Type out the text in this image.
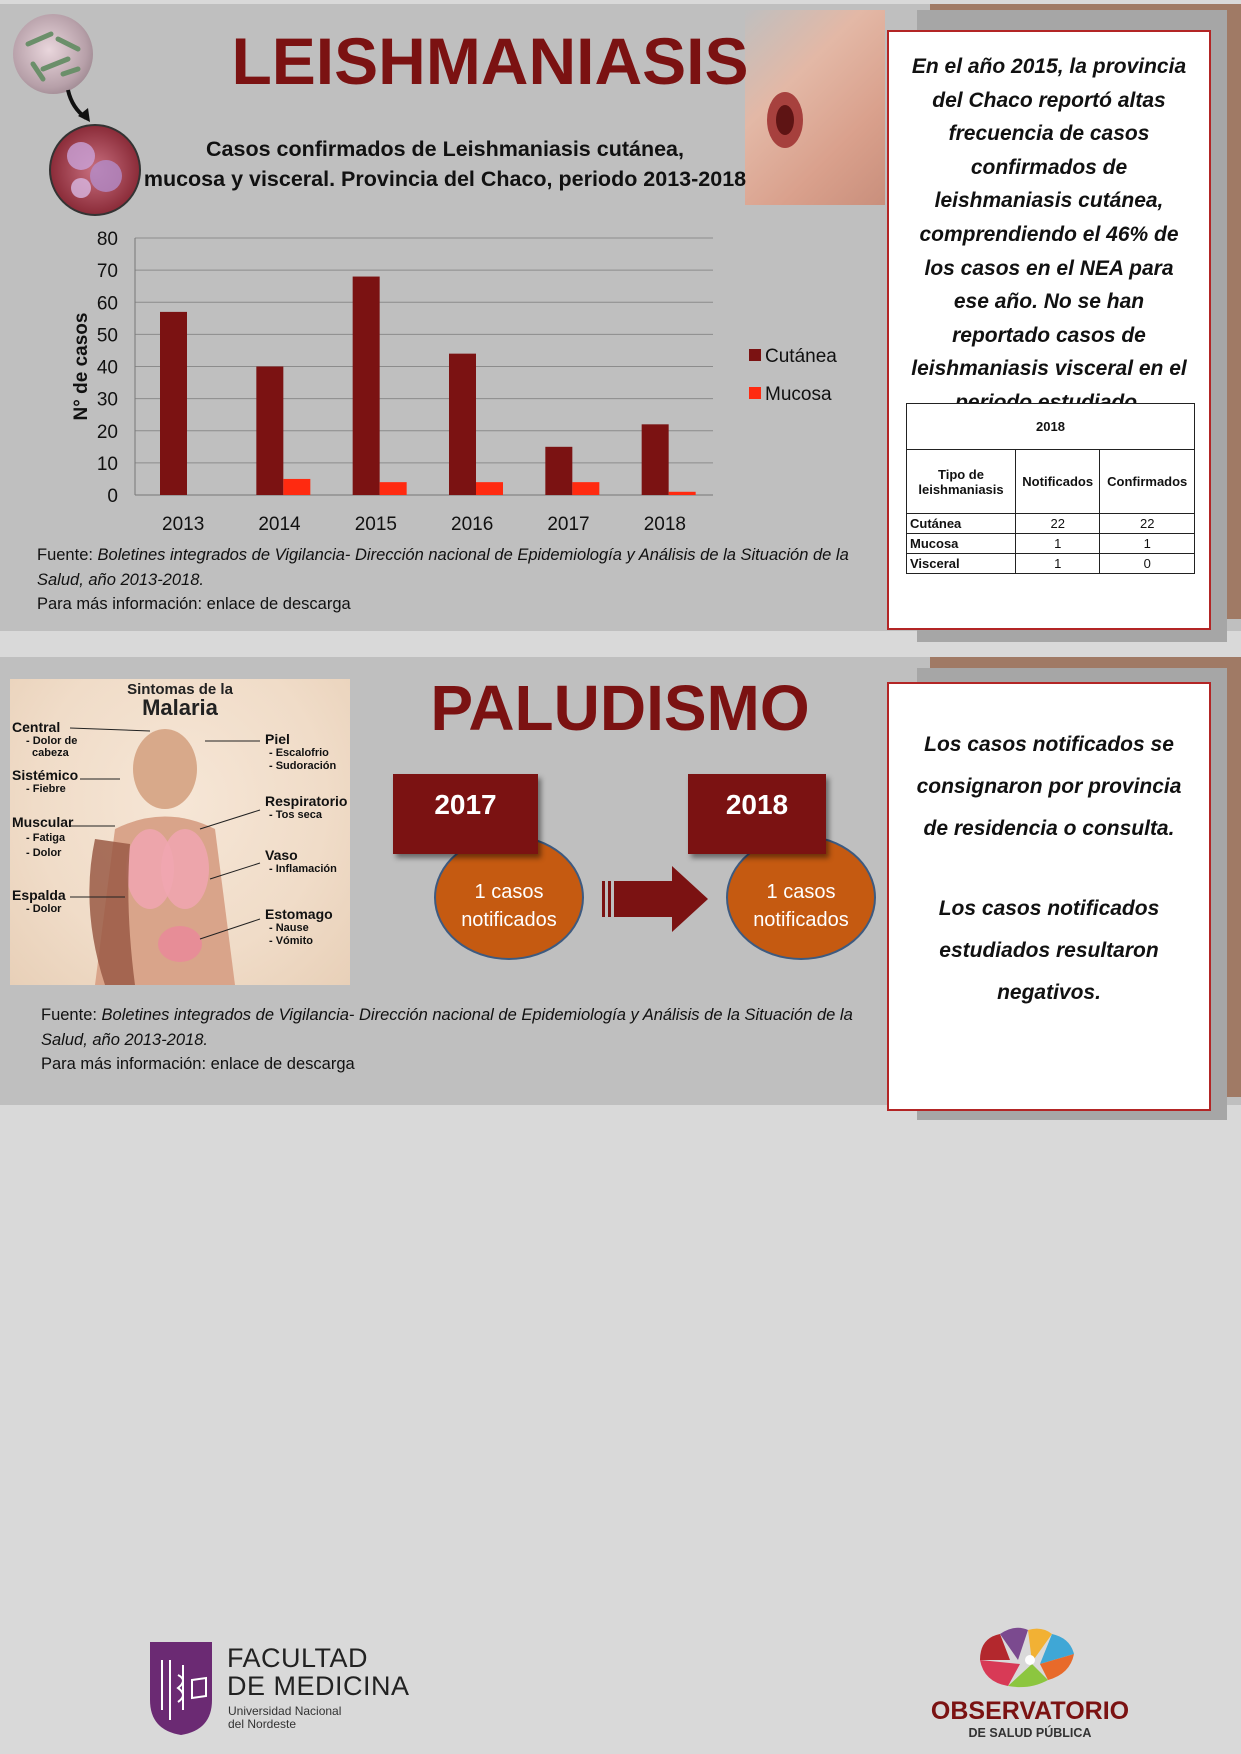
LEISHMANIASIS
Casos confirmados de Leishmaniasis cutánea,
mucosa y visceral. Provincia del Chaco, periodo 2013-2018
0
10
20
30
40
50
60
70
80
N° de casos
2013	2014	2015	2016	2017	2018
Cutánea
Mucosa
En el año 2015, la provincia del Chaco reportó altas frecuencia de casos confirmados de leishmaniasis cutánea, comprendiendo el 46% de los casos en el NEA para ese año. No se han reportado casos de leishmaniasis visceral en el
2018		
Tipo de leishmaniasis	Notificados	Confirmados
Cutánea	22	22
Mucosa	1	1
Visceral	1	0
Fuente: Boletines integrados de Vigilancia- Dirección nacional de Epidemiología y Análisis de la Situación de la Salud, año 2013-2018.
Para más información: enlace de descarga
Sintomas de la
Malaria
Central
- Dolor de
cabeza
Sistémico
- Fiebre
Muscular
- Fatiga
- Dolor
Espalda
- Dolor
Piel
- Escalofrio
- Sudoración
Respiratorio
- Tos seca
Vaso
- Inflamación
Estomago
- Nause
- Vómito
PALUDISMO
1 casos
notificados
2017
1 casos
notificados
2018
Los casos notificados se consignaron por provincia de residencia o consulta.
Los casos notificados estudiados resultaron negativos.
Fuente: Boletines integrados de Vigilancia- Dirección nacional de Epidemiología y Análisis de la Situación de la Salud, año 2013-2018.
Para más información: enlace de descarga
FACULTAD
DE MEDICINA
Universidad Nacional
del Nordeste	OBSERVATORIO
DE SALUD PÚBLICA
